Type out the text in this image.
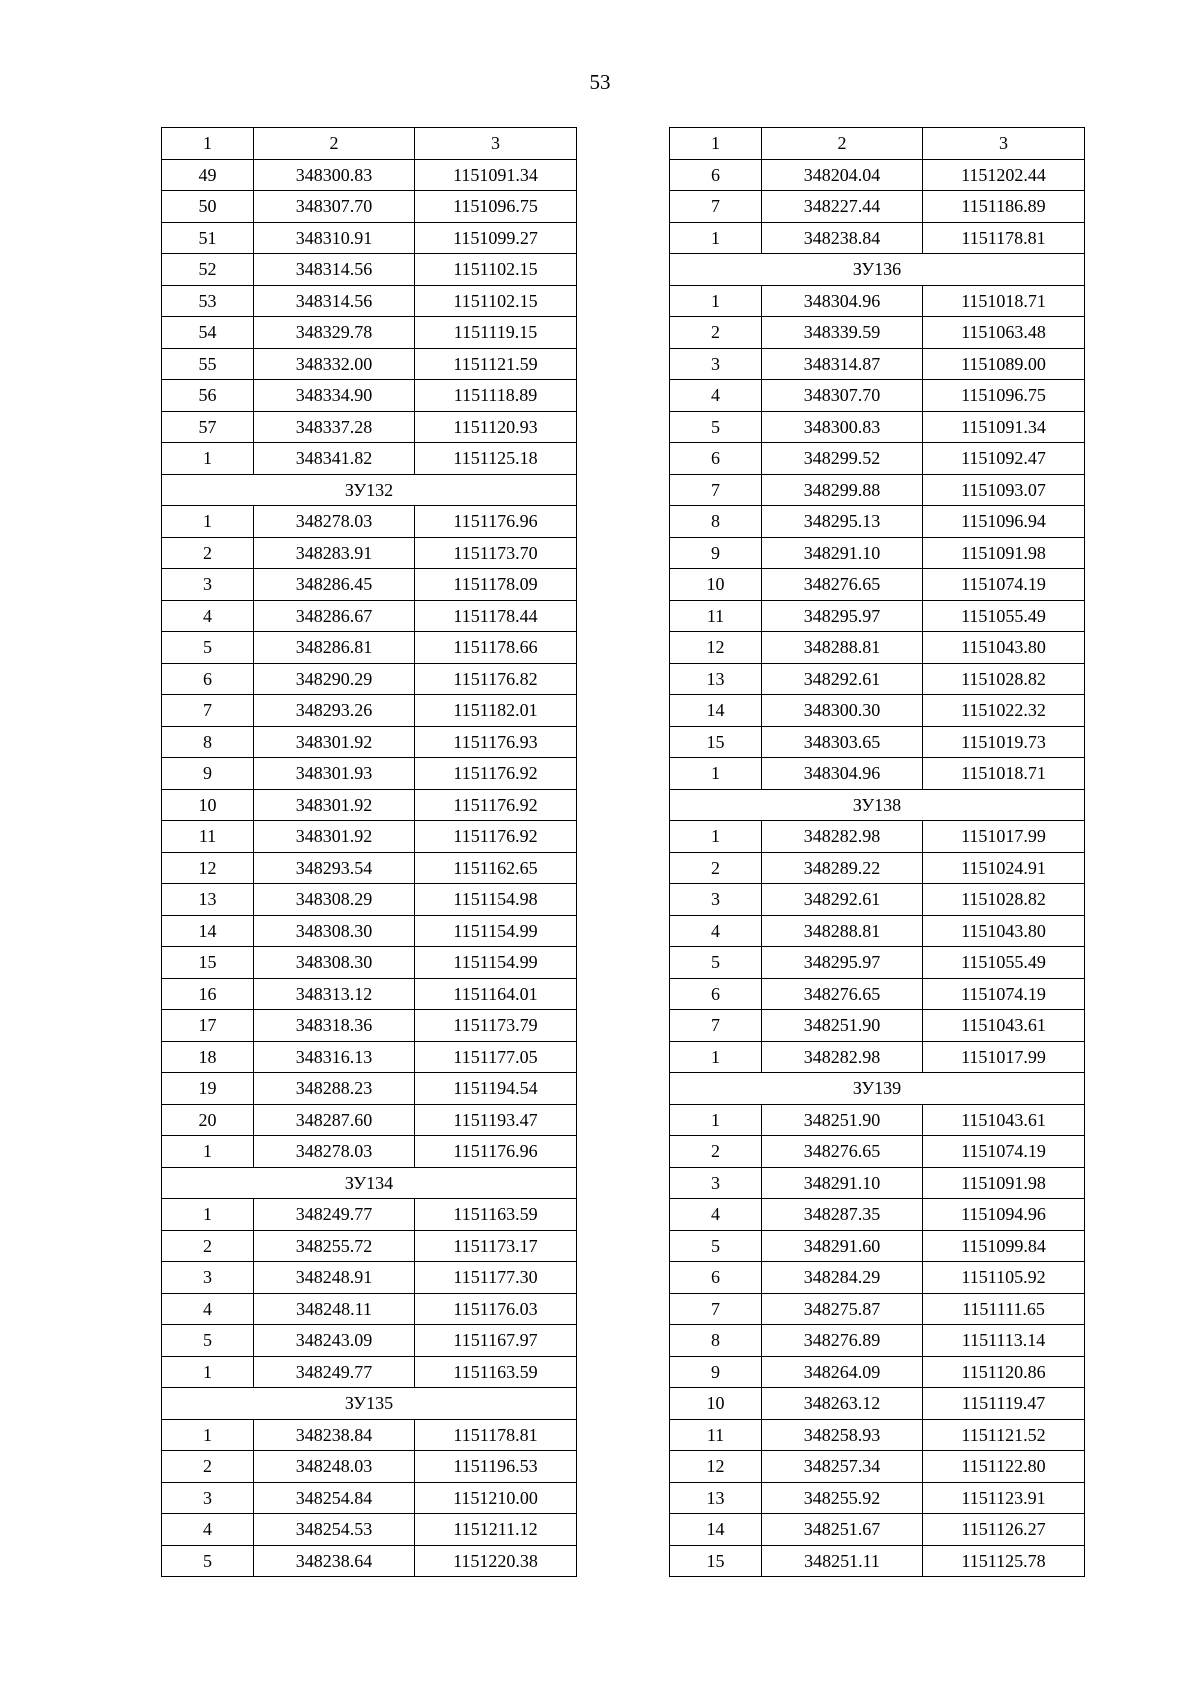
53
1	2	3
49	348300.83	1151091.34
50	348307.70	1151096.75
51	348310.91	1151099.27
52	348314.56	1151102.15
53	348314.56	1151102.15
54	348329.78	1151119.15
55	348332.00	1151121.59
56	348334.90	1151118.89
57	348337.28	1151120.93
1	348341.82	1151125.18
ЗУ132		
1	348278.03	1151176.96
2	348283.91	1151173.70
3	348286.45	1151178.09
4	348286.67	1151178.44
5	348286.81	1151178.66
6	348290.29	1151176.82
7	348293.26	1151182.01
8	348301.92	1151176.93
9	348301.93	1151176.92
10	348301.92	1151176.92
11	348301.92	1151176.92
12	348293.54	1151162.65
13	348308.29	1151154.98
14	348308.30	1151154.99
15	348308.30	1151154.99
16	348313.12	1151164.01
17	348318.36	1151173.79
18	348316.13	1151177.05
19	348288.23	1151194.54
20	348287.60	1151193.47
1	348278.03	1151176.96
ЗУ134		
1	348249.77	1151163.59
2	348255.72	1151173.17
3	348248.91	1151177.30
4	348248.11	1151176.03
5	348243.09	1151167.97
1	348249.77	1151163.59
ЗУ135		
1	348238.84	1151178.81
2	348248.03	1151196.53
3	348254.84	1151210.00
4	348254.53	1151211.12
5	348238.64	1151220.38
1	2	3
6	348204.04	1151202.44
7	348227.44	1151186.89
1	348238.84	1151178.81
ЗУ136		
1	348304.96	1151018.71
2	348339.59	1151063.48
3	348314.87	1151089.00
4	348307.70	1151096.75
5	348300.83	1151091.34
6	348299.52	1151092.47
7	348299.88	1151093.07
8	348295.13	1151096.94
9	348291.10	1151091.98
10	348276.65	1151074.19
11	348295.97	1151055.49
12	348288.81	1151043.80
13	348292.61	1151028.82
14	348300.30	1151022.32
15	348303.65	1151019.73
1	348304.96	1151018.71
ЗУ138		
1	348282.98	1151017.99
2	348289.22	1151024.91
3	348292.61	1151028.82
4	348288.81	1151043.80
5	348295.97	1151055.49
6	348276.65	1151074.19
7	348251.90	1151043.61
1	348282.98	1151017.99
ЗУ139		
1	348251.90	1151043.61
2	348276.65	1151074.19
3	348291.10	1151091.98
4	348287.35	1151094.96
5	348291.60	1151099.84
6	348284.29	1151105.92
7	348275.87	1151111.65
8	348276.89	1151113.14
9	348264.09	1151120.86
10	348263.12	1151119.47
11	348258.93	1151121.52
12	348257.34	1151122.80
13	348255.92	1151123.91
14	348251.67	1151126.27
15	348251.11	1151125.78
